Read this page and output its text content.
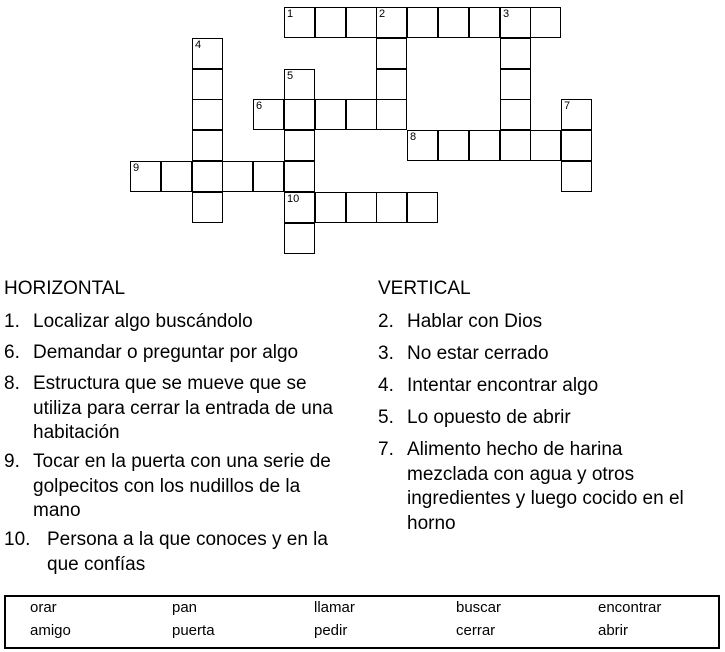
1	2	3
4
5
10
6	7
8
9
HORIZONTAL
1. Localizar algo buscándolo
6. Demandar o preguntar por algo
8. Estructura que se mueve que se utiliza para cerrar la entrada de una habitación
9. Tocar en la puerta con una serie de golpecitos con los nudillos de la mano
10. Persona a la que conoces y en la que confías
VERTICAL
2. Hablar con Dios
3. No estar cerrado
4. Intentar encontrar algo
5. Lo opuesto de abrir
7. Alimento hecho de harina mezclada con agua y otros ingredientes y luego cocido en el horno
orar	pan	llamar	buscar	encontrar
amigo	puerta	pedir	cerrar	abrir
